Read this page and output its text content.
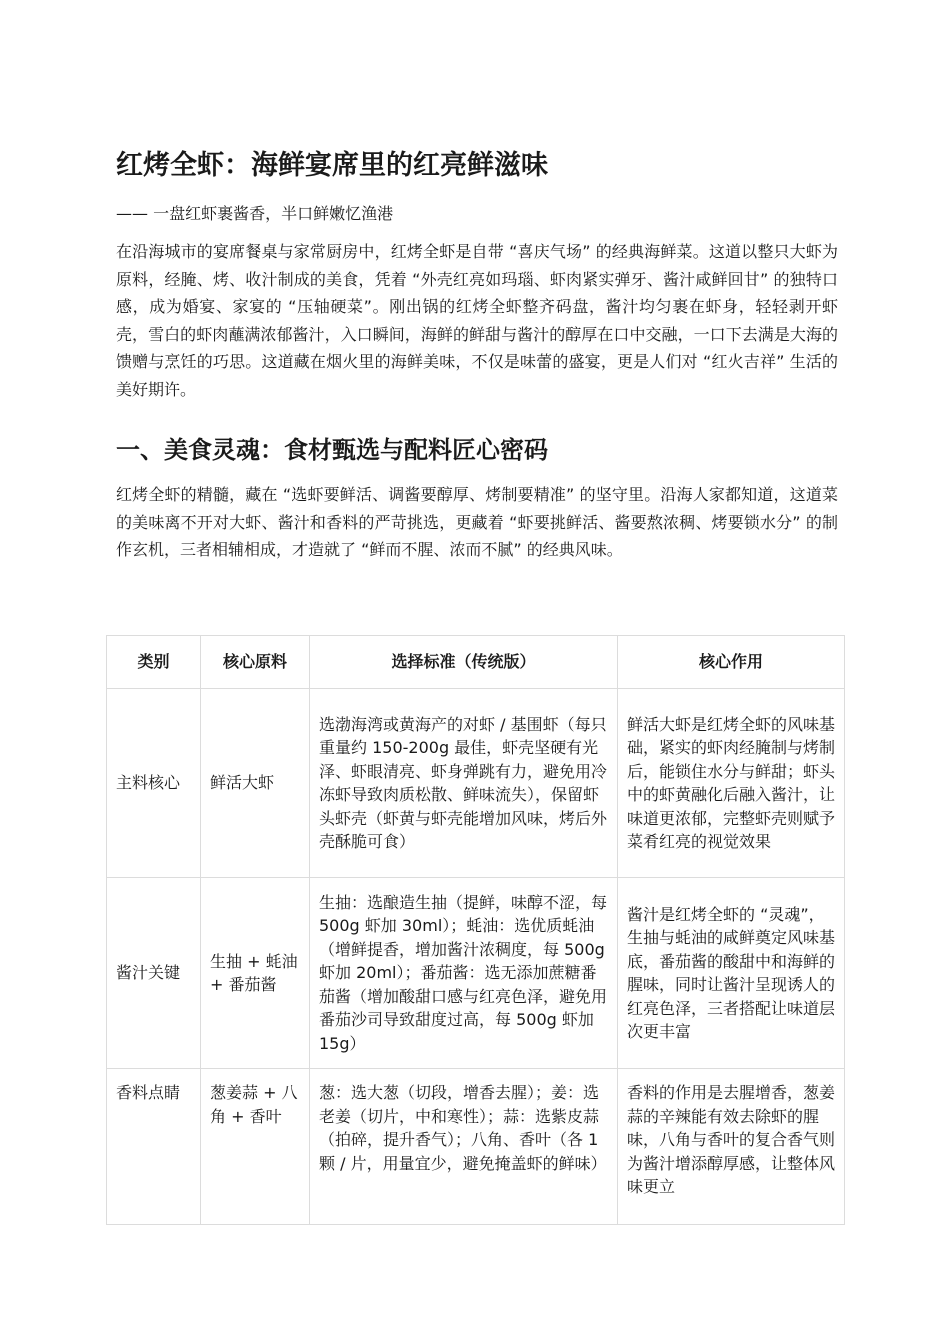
红烤全虾：海鲜宴席里的红亮鲜滋味

—— 一盘红虾裹酱香，半口鲜嫩忆渔港

在沿海城市的宴席餐桌与家常厨房中，红烤全虾是自带 “喜庆气场” 的经典海鲜菜。这道以整只大虾为原料，经腌、烤、收汁制成的美食，凭着 “外壳红亮如玛瑙、虾肉紧实弹牙、酱汁咸鲜回甘” 的独特口感，成为婚宴、家宴的 “压轴硬菜”。刚出锅的红烤全虾整齐码盘，酱汁均匀裹在虾身，轻轻剥开虾壳，雪白的虾肉蘸满浓郁酱汁，入口瞬间，海鲜的鲜甜与酱汁的醇厚在口中交融，一口下去满是大海的馈赠与烹饪的巧思。这道藏在烟火里的海鲜美味，不仅是味蕾的盛宴，更是人们对 “红火吉祥” 生活的美好期许。

一、美食灵魂：食材甄选与配料匠心密码

红烤全虾的精髓，藏在 “选虾要鲜活、调酱要醇厚、烤制要精准” 的坚守里。沿海人家都知道，这道菜的美味离不开对大虾、酱汁和香料的严苛挑选，更藏着 “虾要挑鲜活、酱要熬浓稠、烤要锁水分” 的制作玄机，三者相辅相成，才造就了 “鲜而不腥、浓而不腻” 的经典风味。

类别	核心原料	选择标准（传统版）	核心作用
主料核心	鲜活大虾	选渤海湾或黄海产的对虾 / 基围虾（每只重量约 150-200g 最佳，虾壳坚硬有光泽、虾眼清亮、虾身弹跳有力，避免用冷冻虾导致肉质松散、鲜味流失），保留虾头虾壳（虾黄与虾壳能增加风味，烤后外壳酥脆可食）	鲜活大虾是红烤全虾的风味基础，紧实的虾肉经腌制与烤制后，能锁住水分与鲜甜；虾头中的虾黄融化后融入酱汁，让味道更浓郁，完整虾壳则赋予菜肴红亮的视觉效果
酱汁关键	生抽 + 蚝油 + 番茄酱	生抽：选酿造生抽（提鲜，味醇不涩，每 500g 虾加 30ml）；蚝油：选优质蚝油（增鲜提香，增加酱汁浓稠度，每 500g 虾加 20ml）；番茄酱：选无添加蔗糖番茄酱（增加酸甜口感与红亮色泽，避免用番茄沙司导致甜度过高，每 500g 虾加 15g）	酱汁是红烤全虾的 “灵魂”，生抽与蚝油的咸鲜奠定风味基底，番茄酱的酸甜中和海鲜的腥味，同时让酱汁呈现诱人的红亮色泽，三者搭配让味道层次更丰富
香料点睛	葱姜蒜 + 八角 + 香叶	葱：选大葱（切段，增香去腥）；姜：选老姜（切片，中和寒性）；蒜：选紫皮蒜（拍碎，提升香气）；八角、香叶（各 1 颗 / 片，用量宜少，避免掩盖虾的鲜味）	香料的作用是去腥增香，葱姜蒜的辛辣能有效去除虾的腥味，八角与香叶的复合香气则为酱汁增添醇厚感，让整体风味更立
